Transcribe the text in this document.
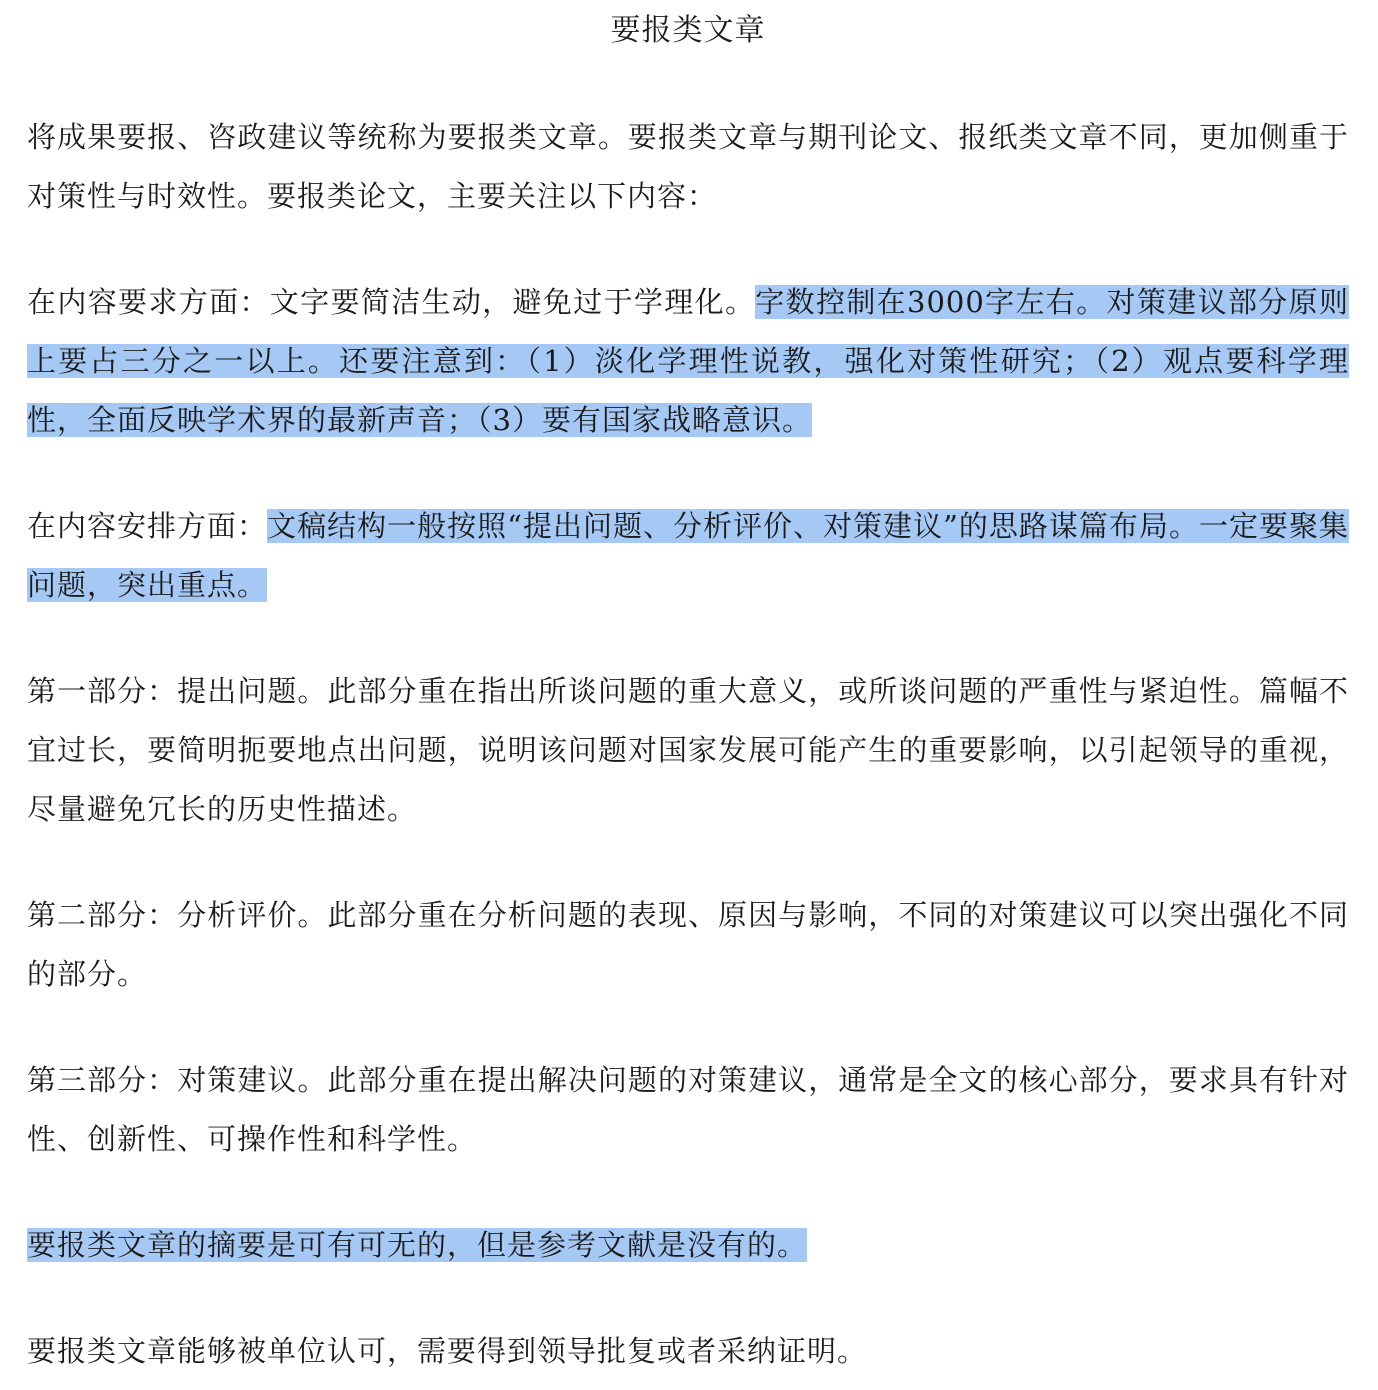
要报类文章

将成果要报、咨政建议等统称为要报类文章。要报类文章与期刊论文、报纸类文章不同，更加侧重于对策性与时效性。要报类论文，主要关注以下内容：

在内容要求方面：文字要简洁生动，避免过于学理化。字数控制在3000字左右。对策建议部分原则上要占三分之一以上。还要注意到：（1）淡化学理性说教，强化对策性研究；（2）观点要科学理性，全面反映学术界的最新声音；（3）要有国家战略意识。

在内容安排方面：文稿结构一般按照“提出问题、分析评价、对策建议”的思路谋篇布局。一定要聚集问题，突出重点。

第一部分：提出问题。此部分重在指出所谈问题的重大意义，或所谈问题的严重性与紧迫性。篇幅不宜过长，要简明扼要地点出问题，说明该问题对国家发展可能产生的重要影响，以引起领导的重视，尽量避免冗长的历史性描述。

第二部分：分析评价。此部分重在分析问题的表现、原因与影响，不同的对策建议可以突出强化不同的部分。

第三部分：对策建议。此部分重在提出解决问题的对策建议，通常是全文的核心部分，要求具有针对性、创新性、可操作性和科学性。

要报类文章的摘要是可有可无的，但是参考文献是没有的。

要报类文章能够被单位认可，需要得到领导批复或者采纳证明。
